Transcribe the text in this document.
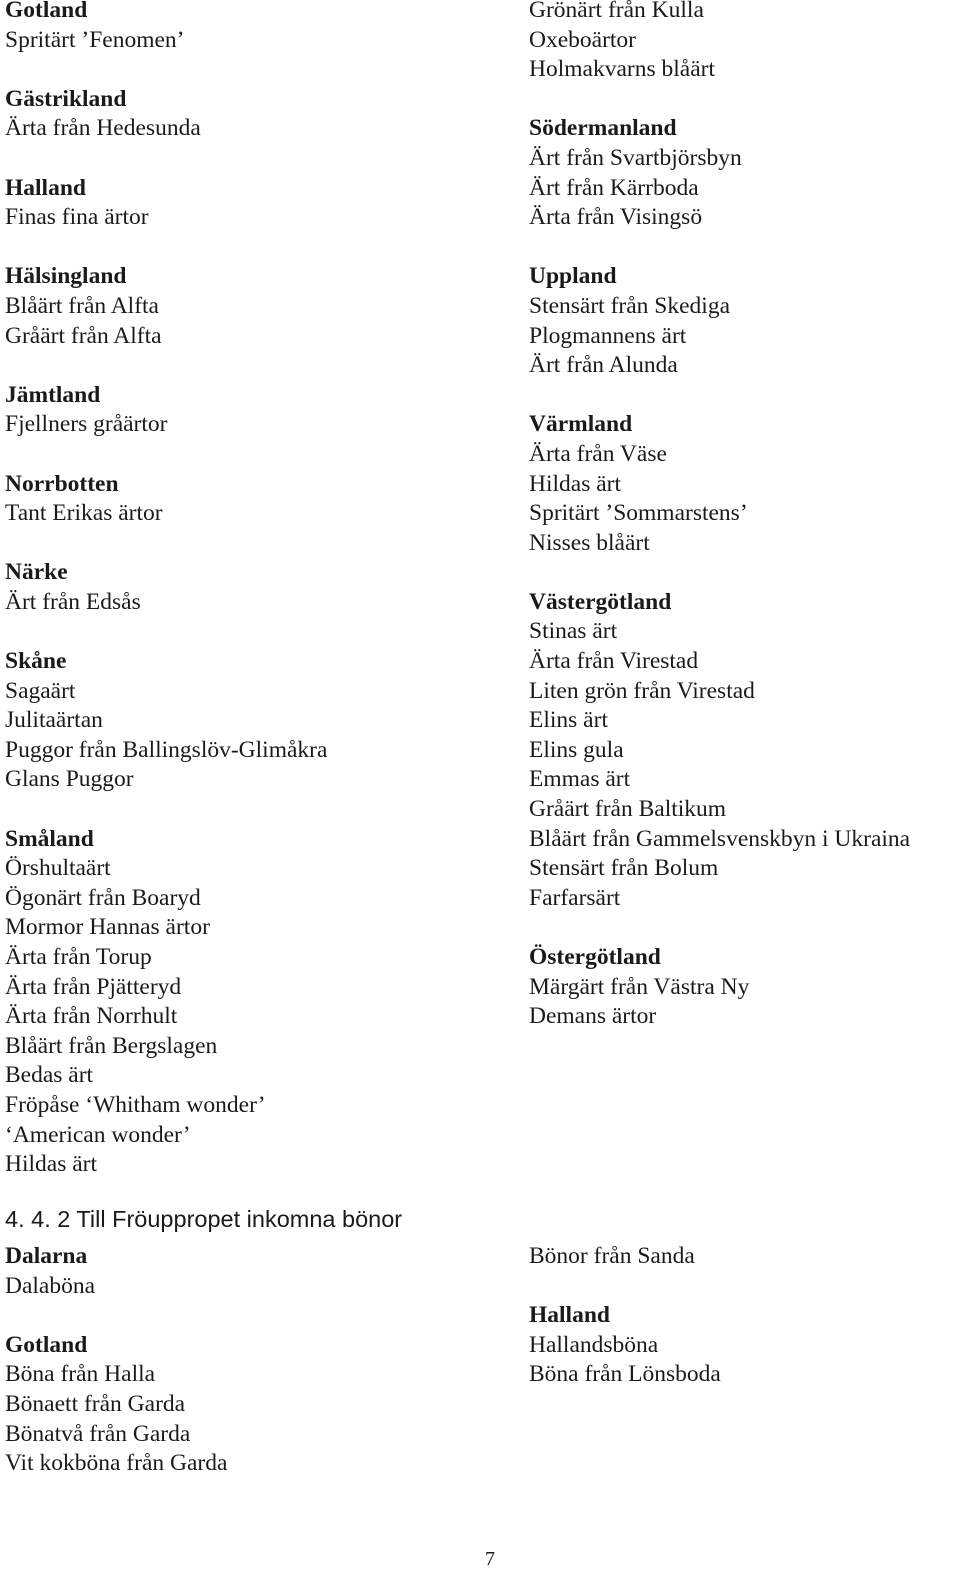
Gotland
Spritärt ’Fenomen’
Gästrikland
Ärta från Hedesunda
Halland
Finas fina ärtor
Hälsingland
Blåärt från Alfta
Gråärt från Alfta
Jämtland
Fjellners gråärtor
Norrbotten
Tant Erikas ärtor
Närke
Ärt från Edsås
Skåne
Sagaärt
Julitaärtan
Puggor från Ballingslöv-Glimåkra
Glans Puggor
Småland
Örshultaärt
Ögonärt från Boaryd
Mormor Hannas ärtor
Ärta från Torup
Ärta från Pjätteryd
Ärta från Norrhult
Blåärt från Bergslagen
Bedas ärt
Fröpåse ‘Whitham wonder’
‘American wonder’
Hildas ärt
Grönärt från Kulla
Oxeboärtor
Holmakvarns blåärt
Södermanland
Ärt från Svartbjörsbyn
Ärt från Kärrboda
Ärta från Visingsö
Uppland
Stensärt från Skediga
Plogmannens ärt
Ärt från Alunda
Värmland
Ärta från Väse
Hildas ärt
Spritärt ’Sommarstens’
Nisses blåärt
Västergötland
Stinas ärt
Ärta från Virestad
Liten grön från Virestad
Elins ärt
Elins gula
Emmas ärt
Gråärt från Baltikum
Blåärt från Gammelsvenskbyn i Ukraina
Stensärt från Bolum
Farfarsärt
Östergötland
Märgärt från Västra Ny
Demans ärtor
4. 4. 2 Till Fröuppropet inkomna bönor
Dalarna
Dalaböna
Gotland
Böna från Halla
Bönaett från Garda
Bönatvå från Garda
Vit kokböna från Garda
Bönor från Sanda
Halland
Hallandsböna
Böna från Lönsboda
7
